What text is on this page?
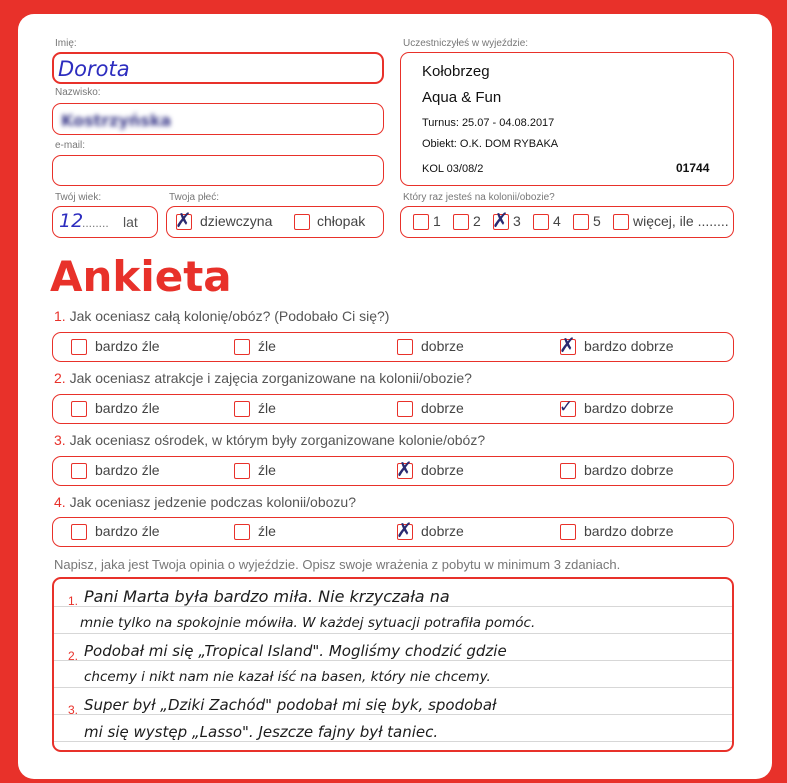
Imię:
Dorota
Nazwisko:
Kostrzyńska
e-mail:
Twój wiek:
12
........ lat
Twoja płeć:
✗ dziewczyna	chłopak
Uczestniczyłeś w wyjeździe:
Kołobrzeg
Aqua & Fun
Turnus: 25.07 - 04.08.2017
Obiekt: O.K. DOM RYBAKA
KOL 03/08/2	01744
Który raz jesteś na kolonii/obozie?
1 2 ✗ 3 4 5 więcej, ile ........
Ankieta
1. Jak oceniasz całą kolonię/obóz? (Podobało Ci się?)
bardzo źle	źle	dobrze	✗ bardzo dobrze
2. Jak oceniasz atrakcje i zajęcia zorganizowane na kolonii/obozie?
bardzo źle	źle	dobrze	✓ bardzo dobrze
3. Jak oceniasz ośrodek, w którym były zorganizowane kolonie/obóz?
bardzo źle	źle	✗ dobrze	bardzo dobrze
4. Jak oceniasz jedzenie podczas kolonii/obozu?
bardzo źle	źle	✗ dobrze	bardzo dobrze
Napisz, jaka jest Twoja opinia o wyjeździe. Opisz swoje wrażenia z pobytu w minimum 3 zdaniach.
1.
2.
3.
Pani Marta była bardzo miła. Nie krzyczała na
mnie tylko na spokojnie mówiła. W każdej sytuacji potrafiła pomóc.
Podobał mi się „Tropical Island". Mogliśmy chodzić gdzie
chcemy i nikt nam nie kazał iść na basen, który nie chcemy.
Super był „Dziki Zachód" podobał mi się byk, spodobał
mi się występ „Lasso". Jeszcze fajny był taniec.
